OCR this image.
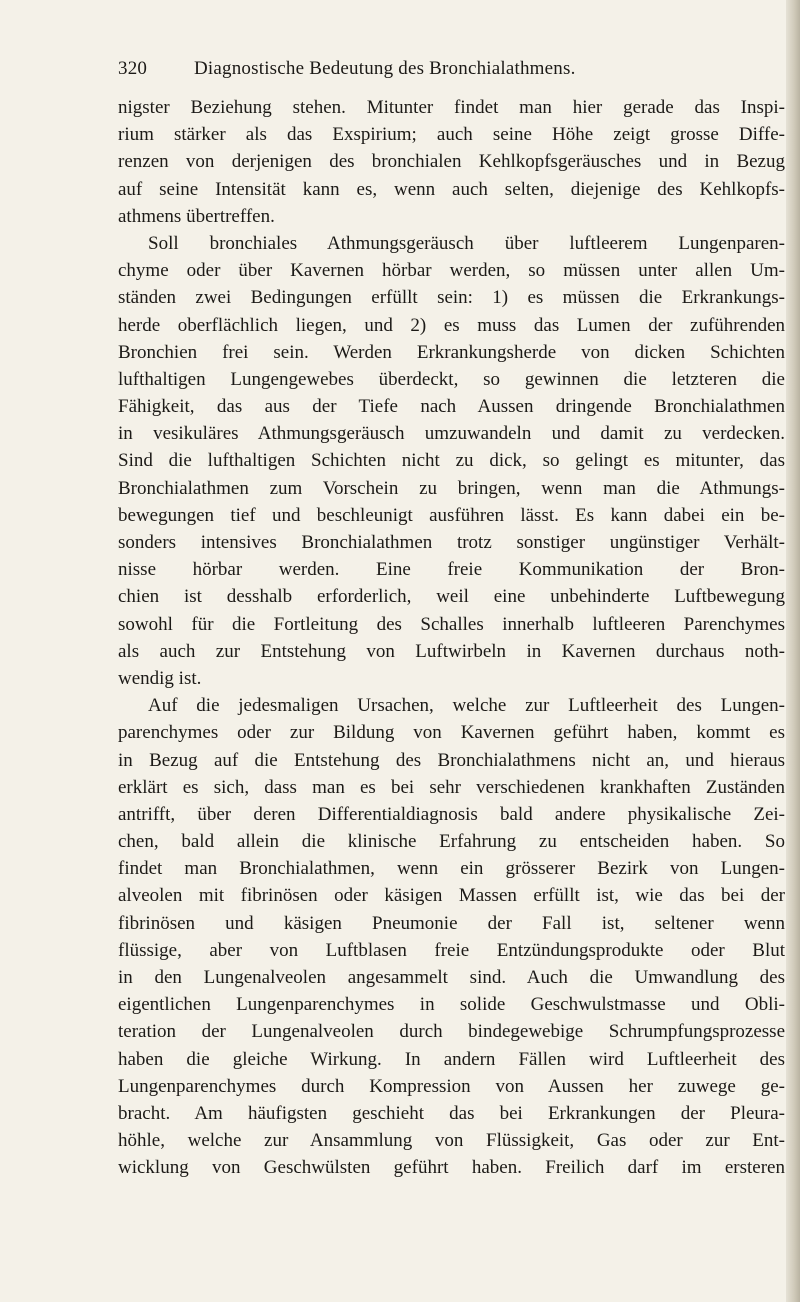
320	Diagnostische Bedeutung des Bronchialathmens.
nigster Beziehung stehen. Mitunter findet man hier gerade das Inspi-
rium stärker als das Exspirium; auch seine Höhe zeigt grosse Diffe-
renzen von derjenigen des bronchialen Kehlkopfsgeräusches und in Bezug
auf seine Intensität kann es, wenn auch selten, diejenige des Kehlkopfs-
athmens übertreffen.
Soll bronchiales Athmungsgeräusch über luftleerem Lungenparen-
chyme oder über Kavernen hörbar werden, so müssen unter allen Um-
ständen zwei Bedingungen erfüllt sein: 1) es müssen die Erkrankungs-
herde oberflächlich liegen, und 2) es muss das Lumen der zuführenden
Bronchien frei sein. Werden Erkrankungsherde von dicken Schichten
lufthaltigen Lungengewebes überdeckt, so gewinnen die letzteren die
Fähigkeit, das aus der Tiefe nach Aussen dringende Bronchialathmen
in vesikuläres Athmungsgeräusch umzuwandeln und damit zu verdecken.
Sind die lufthaltigen Schichten nicht zu dick, so gelingt es mitunter, das
Bronchialathmen zum Vorschein zu bringen, wenn man die Athmungs-
bewegungen tief und beschleunigt ausführen lässt. Es kann dabei ein be-
sonders intensives Bronchialathmen trotz sonstiger ungünstiger Verhält-
nisse hörbar werden. Eine freie Kommunikation der Bron-
chien ist desshalb erforderlich, weil eine unbehinderte Luftbewegung
sowohl für die Fortleitung des Schalles innerhalb luftleeren Parenchymes
als auch zur Entstehung von Luftwirbeln in Kavernen durchaus noth-
wendig ist.
Auf die jedesmaligen Ursachen, welche zur Luftleerheit des Lungen-
parenchymes oder zur Bildung von Kavernen geführt haben, kommt es
in Bezug auf die Entstehung des Bronchialathmens nicht an, und hieraus
erklärt es sich, dass man es bei sehr verschiedenen krankhaften Zuständen
antrifft, über deren Differentialdiagnosis bald andere physikalische Zei-
chen, bald allein die klinische Erfahrung zu entscheiden haben. So
findet man Bronchialathmen, wenn ein grösserer Bezirk von Lungen-
alveolen mit fibrinösen oder käsigen Massen erfüllt ist, wie das bei der
fibrinösen und käsigen Pneumonie der Fall ist, seltener wenn
flüssige, aber von Luftblasen freie Entzündungsprodukte oder Blut
in den Lungenalveolen angesammelt sind. Auch die Umwandlung des
eigentlichen Lungenparenchymes in solide Geschwulstmasse und Obli-
teration der Lungenalveolen durch bindegewebige Schrumpfungsprozesse
haben die gleiche Wirkung. In andern Fällen wird Luftleerheit des
Lungenparenchymes durch Kompression von Aussen her zuwege ge-
bracht. Am häufigsten geschieht das bei Erkrankungen der Pleura-
höhle, welche zur Ansammlung von Flüssigkeit, Gas oder zur Ent-
wicklung von Geschwülsten geführt haben. Freilich darf im ersteren
